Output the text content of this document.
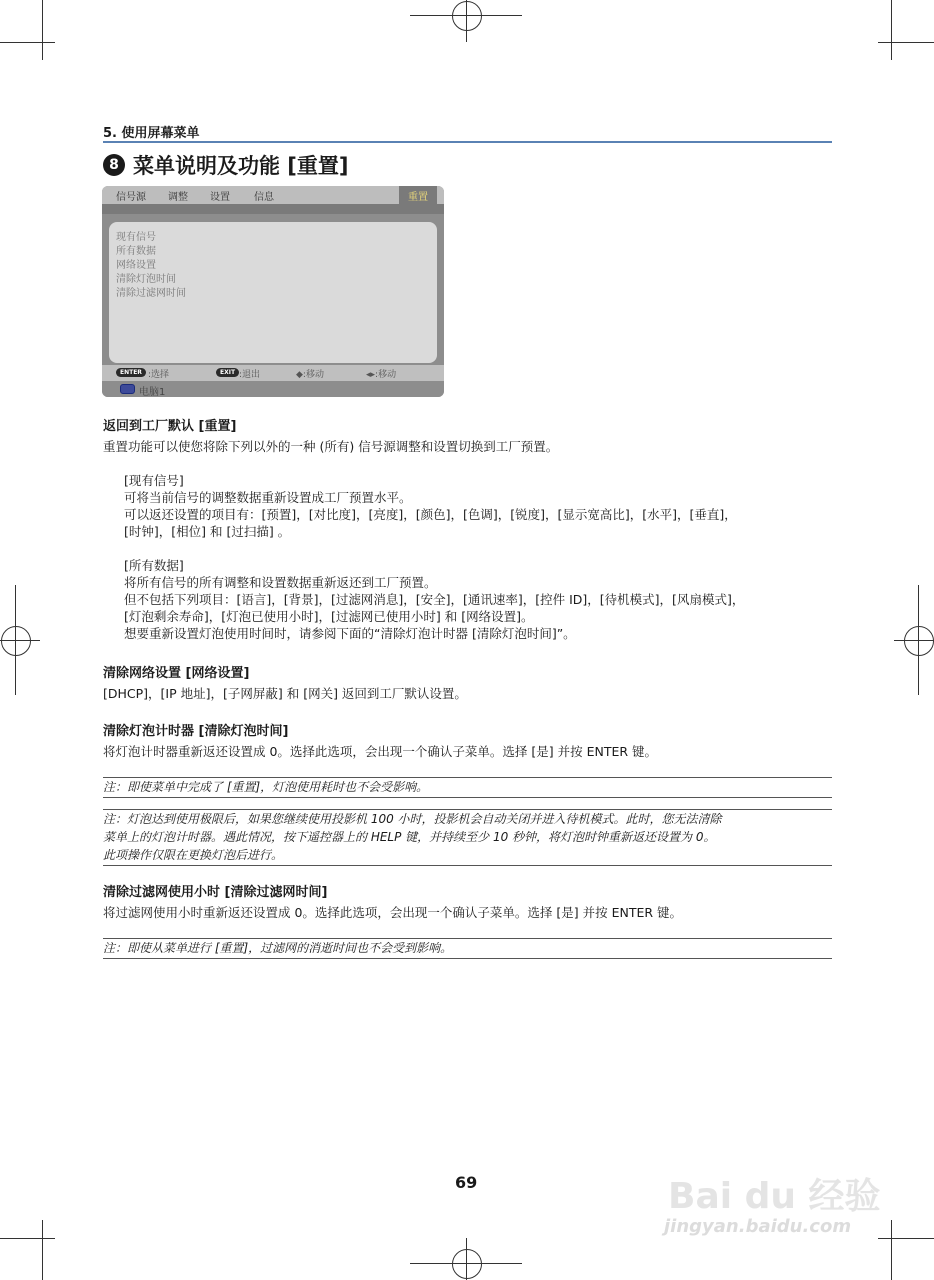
5. 使用屏幕菜单
8 菜单说明及功能 [重置]
信号源 调整 设置 信息	重置
现有信号
所有数据
网络设置
清除灯泡时间
清除过滤网时间
ENTER :选择	EXIT :退出	◆:移动	◂▸:移动
电脑1
返回到工厂默认 [重置]
重置功能可以使您将除下列以外的一种 (所有) 信号源调整和设置切换到工厂预置。
[现有信号]
可将当前信号的调整数据重新设置成工厂预置水平。
可以返还设置的项目有：[预置]，[对比度]，[亮度]，[颜色]，[色调]，[锐度]，[显示宽高比]，[水平]，[垂直]，
[时钟]，[相位] 和 [过扫描] 。
[所有数据]
将所有信号的所有调整和设置数据重新返还到工厂预置。
但不包括下列项目：[语言]，[背景]，[过滤网消息]，[安全]，[通讯速率]，[控件 ID]，[待机模式]，[风扇模式]，
[灯泡剩余寿命]，[灯泡已使用小时]，[过滤网已使用小时] 和 [网络设置]。
想要重新设置灯泡使用时间时，请参阅下面的“清除灯泡计时器 [清除灯泡时间]”。
清除网络设置 [网络设置]
[DHCP]，[IP 地址]，[子网屏蔽] 和 [网关] 返回到工厂默认设置。
清除灯泡计时器 [清除灯泡时间]
将灯泡计时器重新返还设置成 0。选择此选项，会出现一个确认子菜单。选择 [是] 并按 ENTER 键。
注：即使菜单中完成了 [重置]，灯泡使用耗时也不会受影响。
注：灯泡达到使用极限后，如果您继续使用投影机 100 小时，投影机会自动关闭并进入待机模式。此时，您无法清除
菜单上的灯泡计时器。遇此情况，按下遥控器上的 HELP 键，并持续至少 10 秒钟，将灯泡时钟重新返还设置为 0。
此项操作仅限在更换灯泡后进行。
清除过滤网使用小时 [清除过滤网时间]
将过滤网使用小时重新返还设置成 0。选择此选项，会出现一个确认子菜单。选择 [是] 并按 ENTER 键。
注：即使从菜单进行 [重置]，过滤网的消逝时间也不会受到影响。
69	Bai du 经验
jingyan.baidu.com
